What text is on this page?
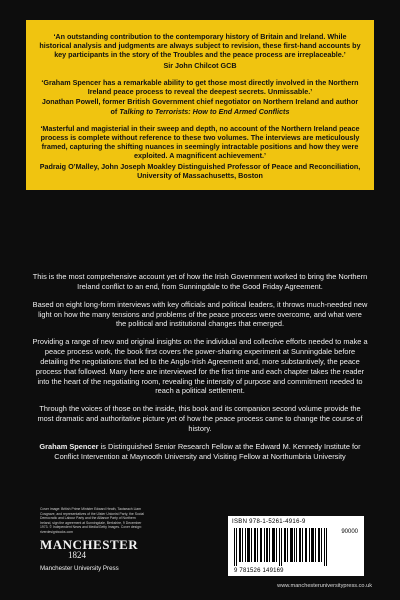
‘An outstanding contribution to the contemporary history of Britain and Ireland. While historical analysis and judgments are always subject to revision, these first-hand accounts by key participants in the story of the Troubles and the peace process are irreplaceable.’
Sir John Chilcot GCB
‘Graham Spencer has a remarkable ability to get those most directly involved in the Northern Ireland peace process to reveal the deepest secrets. Unmissable.’
Jonathan Powell, former British Government chief negotiator on Northern Ireland and author of Talking to Terrorists: How to End Armed Conflicts
‘Masterful and magisterial in their sweep and depth, no account of the Northern Ireland peace process is complete without reference to these two volumes. The interviews are meticulously framed, capturing the shifting nuances in seemingly intractable positions and how they were exploited. A magnificent achievement.’
Padraig O’Malley, John Joseph Moakley Distinguished Professor of Peace and Reconciliation, University of Massachusetts, Boston

This is the most comprehensive account yet of how the Irish Government worked to bring the Northern Ireland conflict to an end, from Sunningdale to the Good Friday Agreement.

Based on eight long-form interviews with key officials and political leaders, it throws much-needed new light on how the many tensions and problems of the peace process were overcome, and what were the political and institutional changes that emerged.

Providing a range of new and original insights on the individual and collective efforts needed to make a peace process work, the book first covers the power-sharing experiment at Sunningdale before detailing the negotiations that led to the Anglo-Irish Agreement and, more substantively, the peace process that followed. Many here are interviewed for the first time and each chapter takes the reader into the heart of the negotiating room, revealing the intensity of purpose and commitment needed to reach a political settlement.

Through the voices of those on the inside, this book and its companion second volume provide the most dramatic and authoritative picture yet of how the peace process came to change the course of history.

Graham Spencer is Distinguished Senior Research Fellow at the Edward M. Kennedy Institute for Conflict Intervention at Maynooth University and Visiting Fellow at Northumbria University

Cover image: British Prime Minister Edward Heath, Taoiseach Liam Cosgrave, and representatives of the Ulster Unionist Party, the Social Democratic and Labour Party and the Alliance Party of Northern Ireland, sign the agreement at Sunningdale, Berkshire, 9 December 1973. © Independent News and Media/Getty Images. Cover design: riverdesignbooks.com
MANCHESTER
1824
Manchester University Press
ISBN 978-1-5261-4916-9
90000
9 781526 149169
www.manchesteruniversitypress.co.uk
